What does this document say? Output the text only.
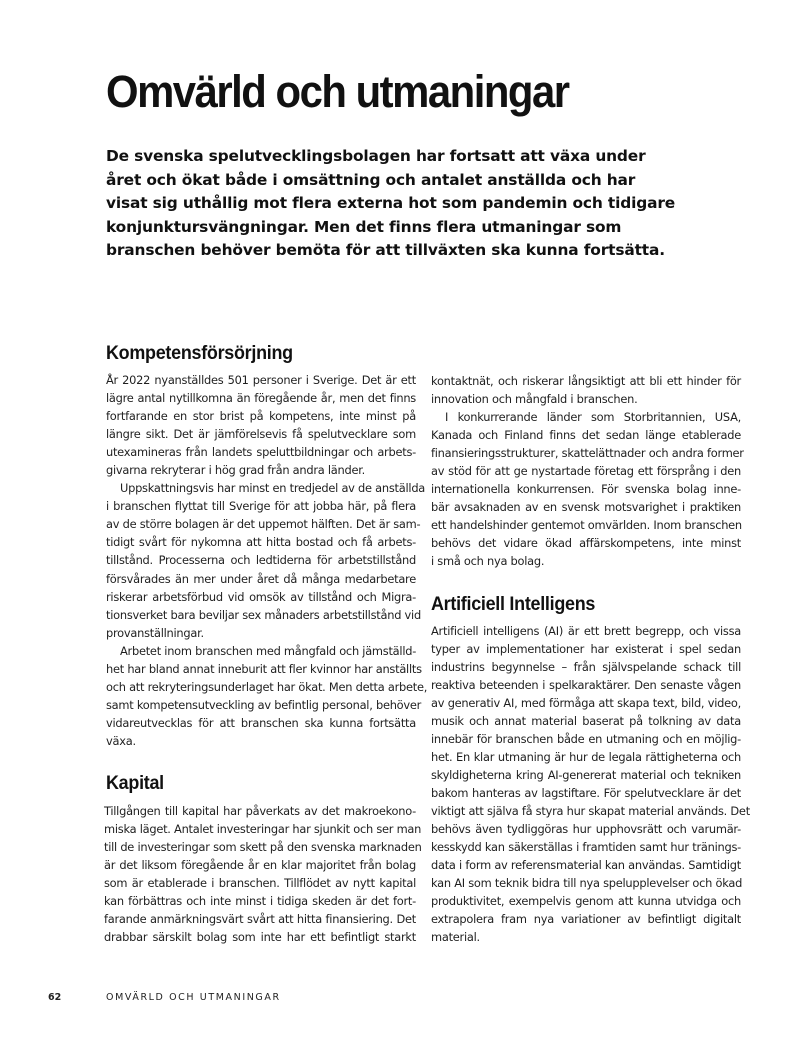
Omvärld och utmaningar
De svenska spelutvecklingsbolagen har fortsatt att växa under
året och ökat både i omsättning och antalet anställda och har
visat sig uthållig mot flera externa hot som pandemin och tidigare
konjunktursvängningar. Men det finns flera utmaningar som
branschen behöver bemöta för att tillväxten ska kunna fortsätta.
Kompetensförsörjning
År 2022 nyanställdes 501 personer i Sverige. Det är ett
lägre antal nytillkomna än föregående år, men det finns
fortfarande en stor brist på kompetens, inte minst på
längre sikt. Det är jämförelsevis få spelutvecklare som
utexamineras från landets speluttbildningar och arbets-
givarna rekryterar i hög grad från andra länder.
Uppskattningsvis har minst en tredjedel av de anställda
i branschen flyttat till Sverige för att jobba här, på flera
av de större bolagen är det uppemot hälften. Det är sam-
tidigt svårt för nykomna att hitta bostad och få arbets-
tillstånd. Processerna och ledtiderna för arbetstillstånd
försvårades än mer under året då många medarbetare
riskerar arbetsförbud vid omsök av tillstånd och Migra-
tionsverket bara beviljar sex månaders arbetstillstånd vid
provanställningar.
Arbetet inom branschen med mångfald och jämställd-
het har bland annat inneburit att fler kvinnor har anställts
och att rekryteringsunderlaget har ökat. Men detta arbete,
samt kompetensutveckling av befintlig personal, behöver
vidareutvecklas för att branschen ska kunna fortsätta
växa.
Kapital
Tillgången till kapital har påverkats av det makroekono-
miska läget. Antalet investeringar har sjunkit och ser man
till de investeringar som skett på den svenska marknaden
är det liksom föregående år en klar majoritet från bolag
som är etablerade i branschen. Tillflödet av nytt kapital
kan förbättras och inte minst i tidiga skeden är det fort-
farande anmärkningsvärt svårt att hitta finansiering. Det
drabbar särskilt bolag som inte har ett befintligt starkt
kontaktnät, och riskerar långsiktigt att bli ett hinder för
innovation och mångfald i branschen.
I konkurrerande länder som Storbritannien, USA,
Kanada och Finland finns det sedan länge etablerade
finansieringsstrukturer, skattelättnader och andra former
av stöd för att ge nystartade företag ett försprång i den
internationella konkurrensen. För svenska bolag inne-
bär avsaknaden av en svensk motsvarighet i praktiken
ett handelshinder gentemot omvärlden. Inom branschen
behövs det vidare ökad affärskompetens, inte minst
i små och nya bolag.
Artificiell Intelligens
Artificiell intelligens (AI) är ett brett begrepp, och vissa
typer av implementationer har existerat i spel sedan
industrins begynnelse – från självspelande schack till
reaktiva beteenden i spelkaraktärer. Den senaste vågen
av generativ AI, med förmåga att skapa text, bild, video,
musik och annat material baserat på tolkning av data
innebär för branschen både en utmaning och en möjlig-
het. En klar utmaning är hur de legala rättigheterna och
skyldigheterna kring AI-genererat material och tekniken
bakom hanteras av lagstiftare. För spelutvecklare är det
viktigt att själva få styra hur skapat material används. Det
behövs även tydliggöras hur upphovsrätt och varumär-
kesskydd kan säkerställas i framtiden samt hur tränings-
data i form av referensmaterial kan användas. Samtidigt
kan AI som teknik bidra till nya spelupplevelser och ökad
produktivitet, exempelvis genom att kunna utvidga och
extrapolera fram nya variationer av befintligt digitalt
material.
62	OMVÄRLD OCH UTMANINGAR
